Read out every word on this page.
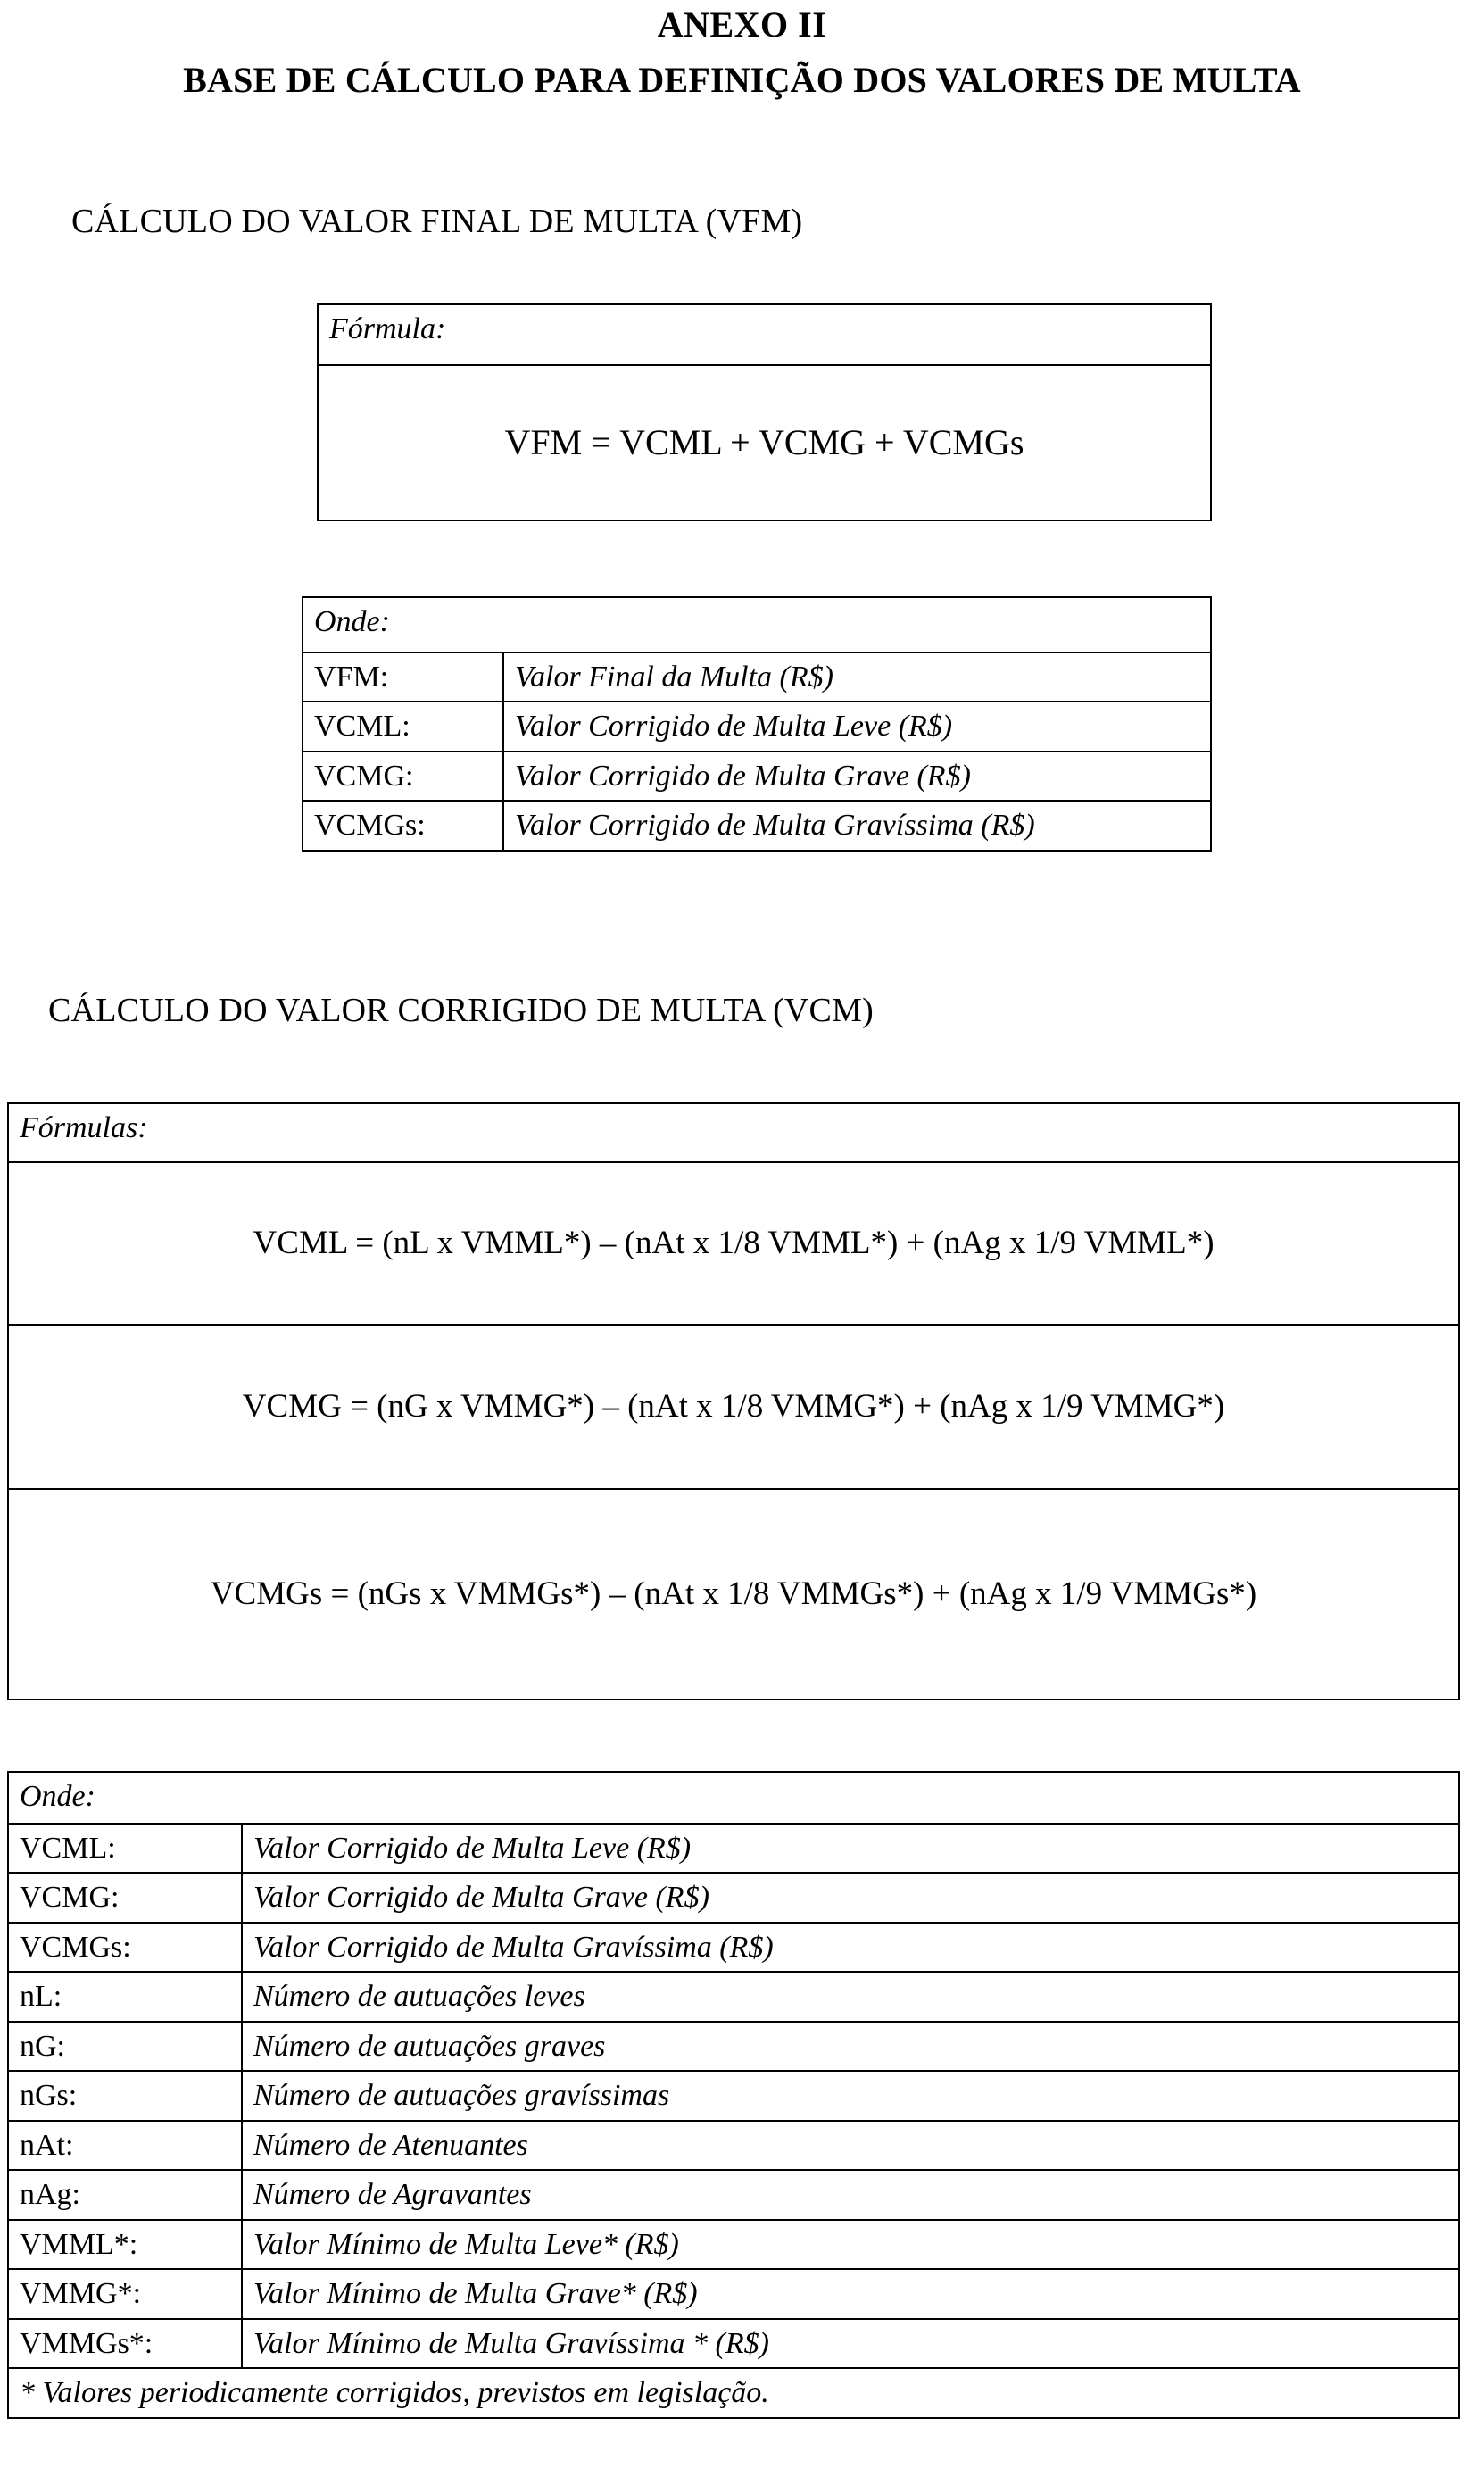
ANEXO II
BASE DE CÁLCULO PARA DEFINIÇÃO DOS VALORES DE MULTA
CÁLCULO DO VALOR FINAL DE MULTA (VFM)
Fórmula:
VFM = VCML + VCMG + VCMGs
Onde:	
VFM:	Valor Final da Multa (R$)
VCML:	Valor Corrigido de Multa Leve (R$)
VCMG:	Valor Corrigido de Multa Grave (R$)
VCMGs:	Valor Corrigido de Multa Gravíssima (R$)
CÁLCULO DO VALOR CORRIGIDO DE MULTA (VCM)
Fórmulas:
VCML = (nL x VMML*) – (nAt x 1/8 VMML*) + (nAg x 1/9 VMML*)
VCMG = (nG x VMMG*) – (nAt x 1/8 VMMG*) + (nAg x 1/9 VMMG*)
VCMGs = (nGs x VMMGs*) – (nAt x 1/8 VMMGs*) + (nAg x 1/9 VMMGs*)
Onde:	
VCML:	Valor Corrigido de Multa Leve (R$)
VCMG:	Valor Corrigido de Multa Grave (R$)
VCMGs:	Valor Corrigido de Multa Gravíssima (R$)
nL:	Número de autuações leves
nG:	Número de autuações graves
nGs:	Número de autuações gravíssimas
nAt:	Número de Atenuantes
nAg:	Número de Agravantes
VMML*:	Valor Mínimo de Multa Leve* (R$)
VMMG*:	Valor Mínimo de Multa Grave* (R$)
VMMGs*:	Valor Mínimo de Multa Gravíssima * (R$)
* Valores periodicamente corrigidos, previstos em legislação.	
